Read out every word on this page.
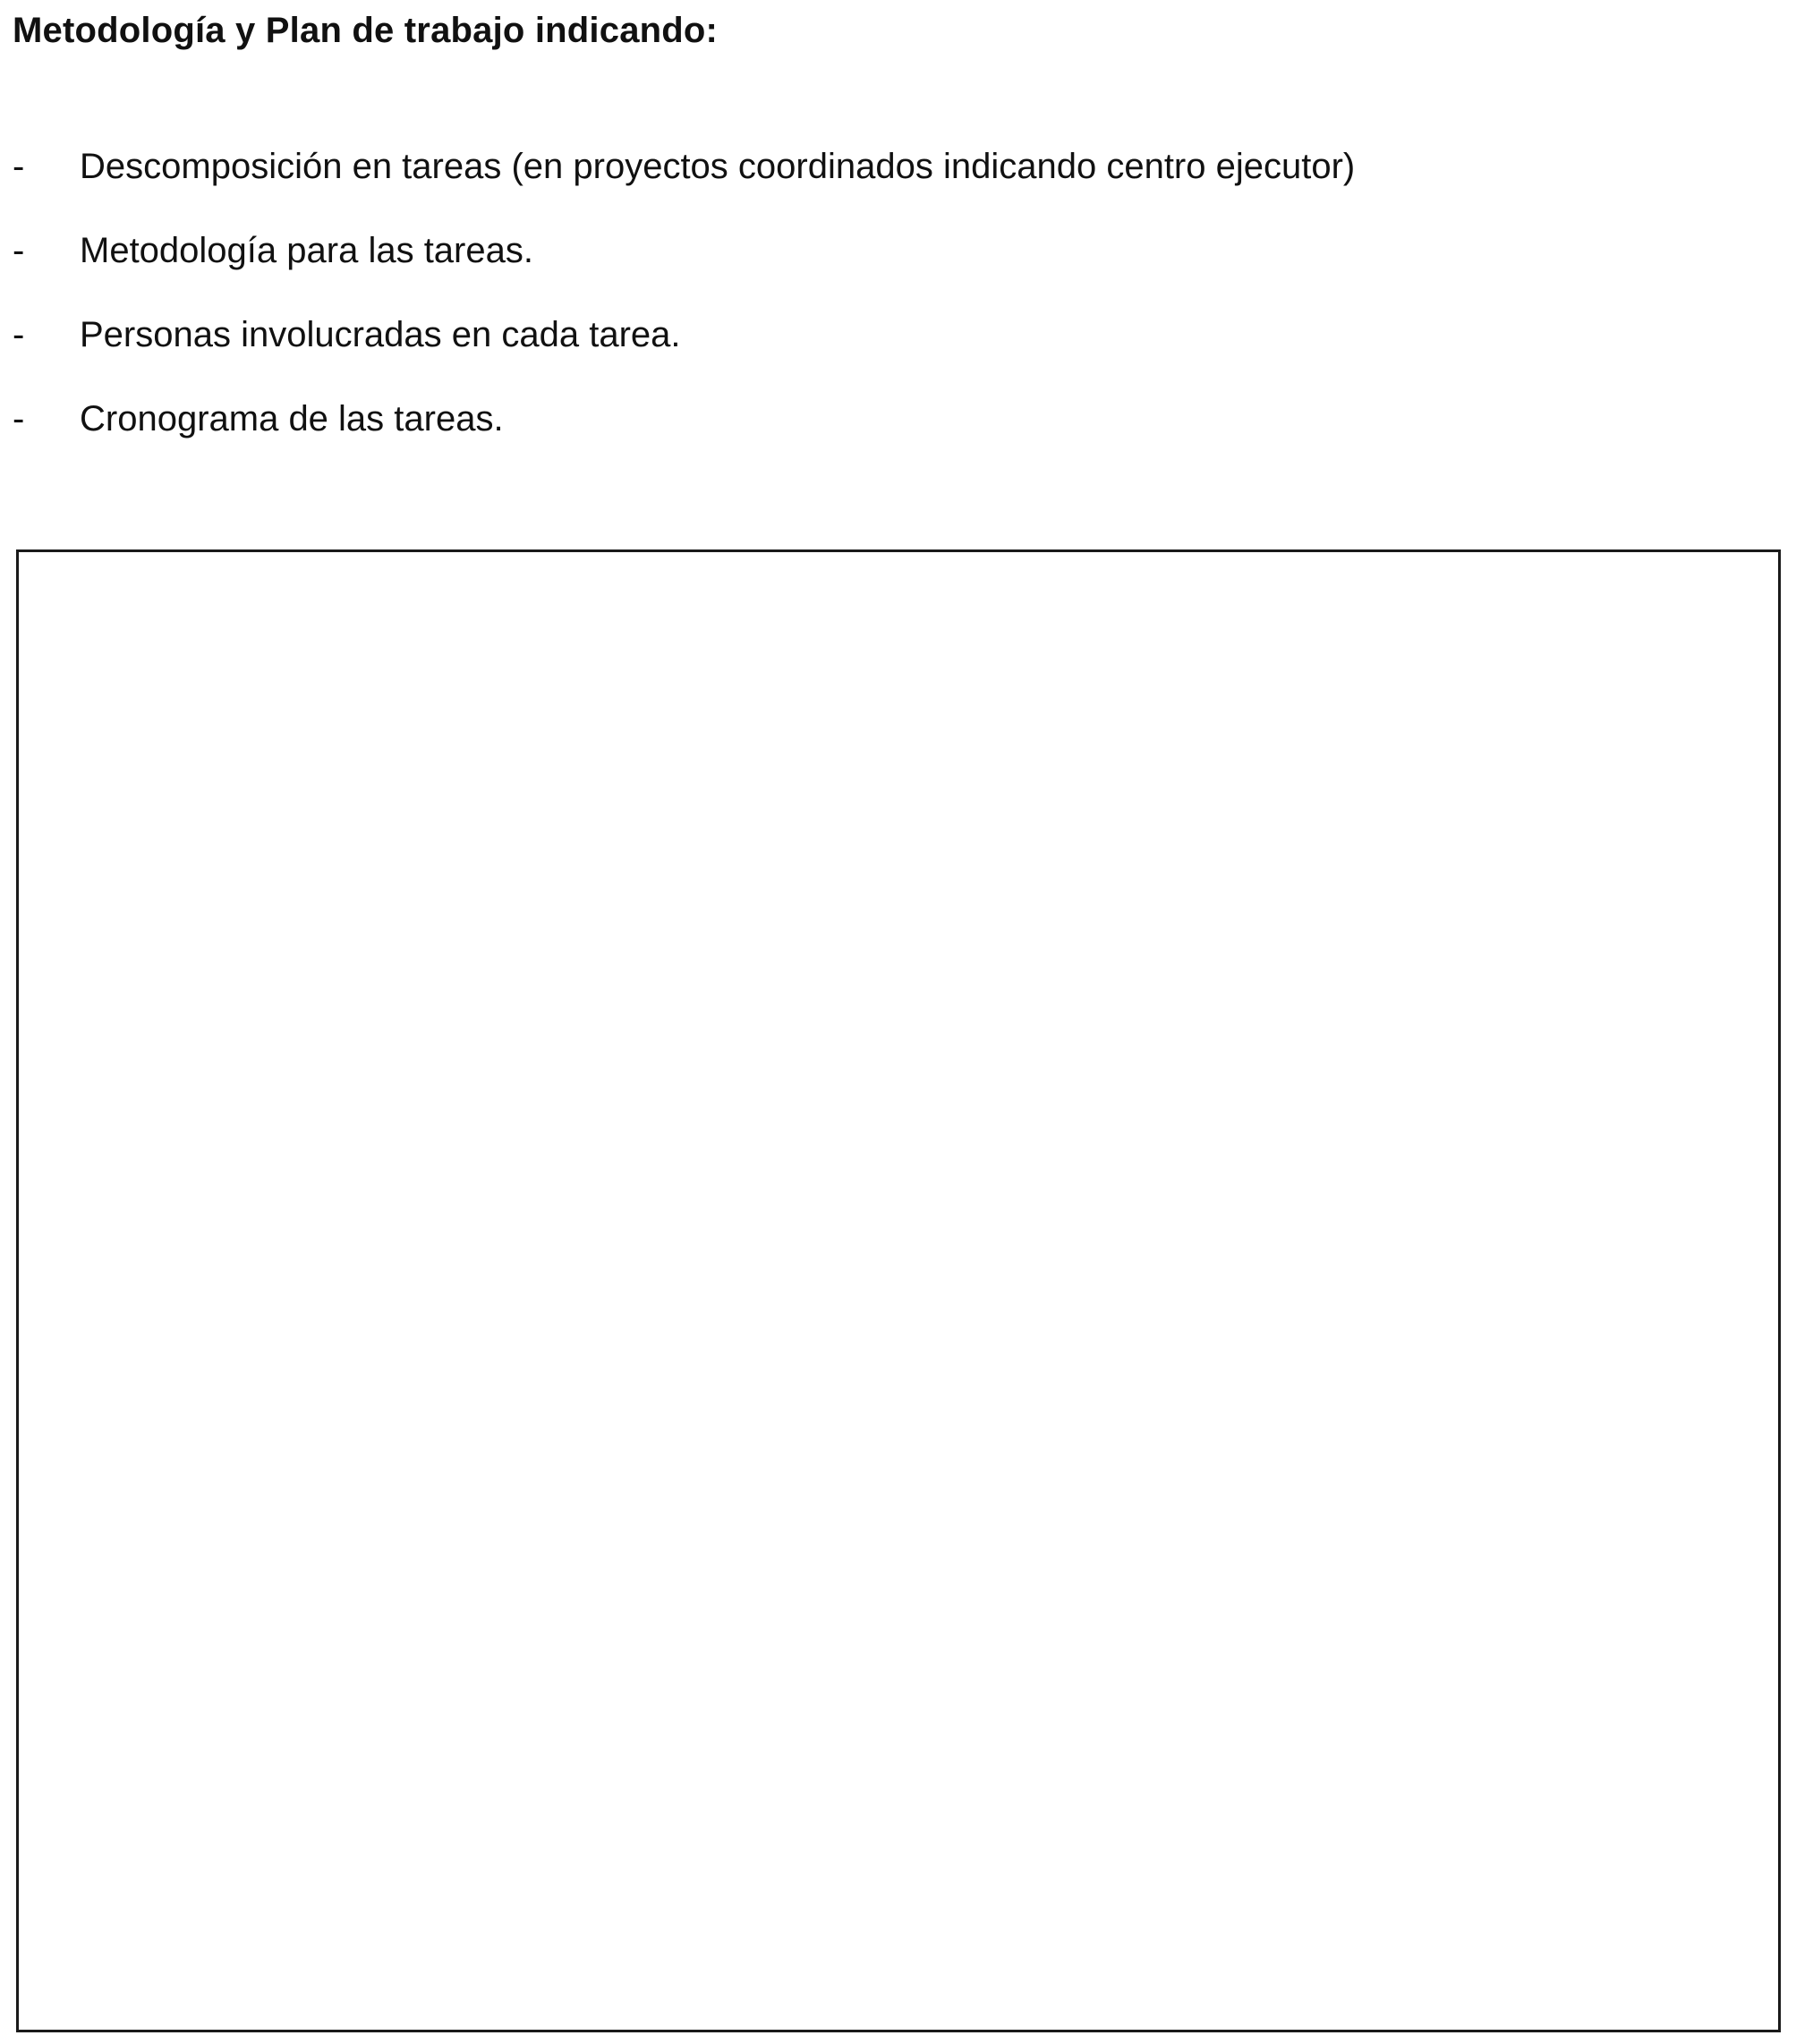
Metodología y Plan de trabajo indicando:
- Descomposición en tareas (en proyectos coordinados indicando centro ejecutor)
- Metodología para las tareas.
- Personas involucradas en cada tarea.
- Cronograma de las tareas.
